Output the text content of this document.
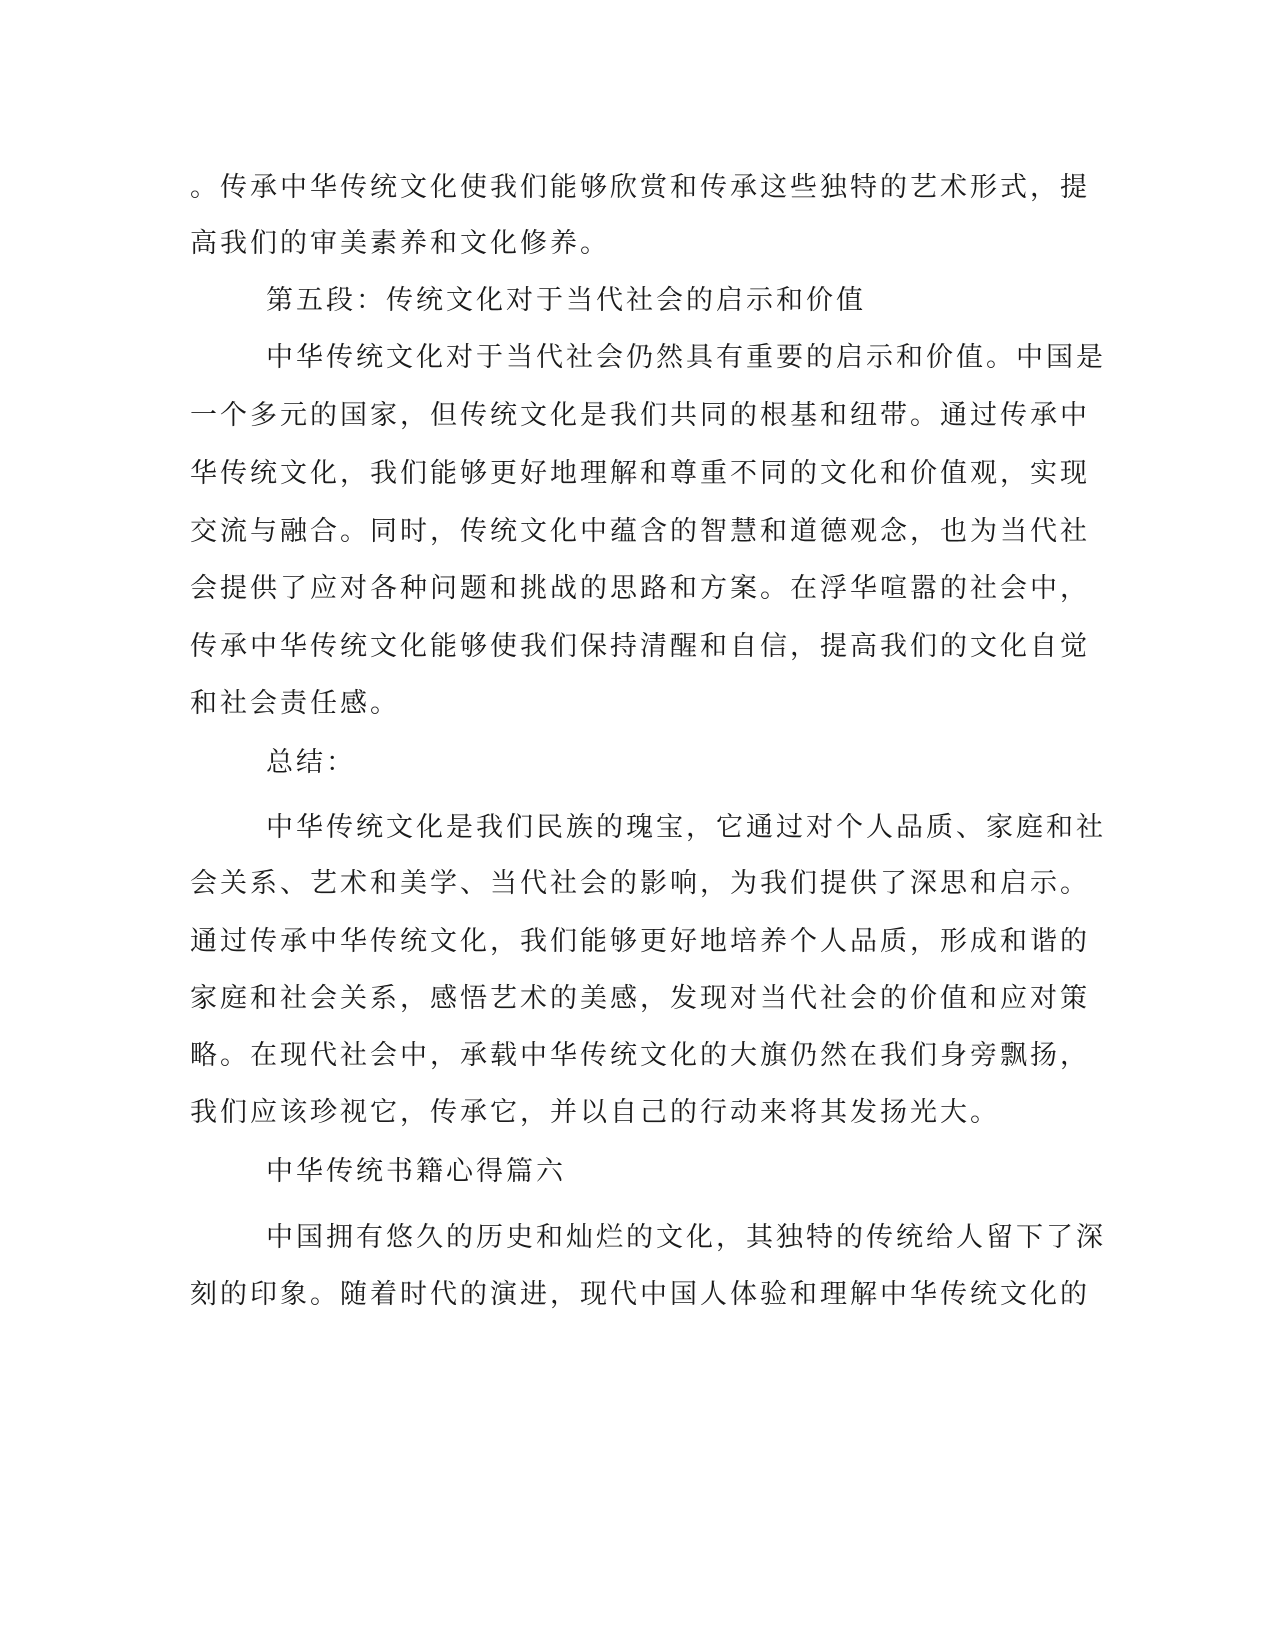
。传承中华传统文化使我们能够欣赏和传承这些独特的艺术形式，提
高我们的审美素养和文化修养。
第五段：传统文化对于当代社会的启示和价值
中华传统文化对于当代社会仍然具有重要的启示和价值。中国是
一个多元的国家，但传统文化是我们共同的根基和纽带。通过传承中
华传统文化，我们能够更好地理解和尊重不同的文化和价值观，实现
交流与融合。同时，传统文化中蕴含的智慧和道德观念，也为当代社
会提供了应对各种问题和挑战的思路和方案。在浮华喧嚣的社会中，
传承中华传统文化能够使我们保持清醒和自信，提高我们的文化自觉
和社会责任感。
总结：
中华传统文化是我们民族的瑰宝，它通过对个人品质、家庭和社
会关系、艺术和美学、当代社会的影响，为我们提供了深思和启示。
通过传承中华传统文化，我们能够更好地培养个人品质，形成和谐的
家庭和社会关系，感悟艺术的美感，发现对当代社会的价值和应对策
略。在现代社会中，承载中华传统文化的大旗仍然在我们身旁飘扬，
我们应该珍视它，传承它，并以自己的行动来将其发扬光大。
中华传统书籍心得篇六
中国拥有悠久的历史和灿烂的文化，其独特的传统给人留下了深
刻的印象。随着时代的演进，现代中国人体验和理解中华传统文化的
